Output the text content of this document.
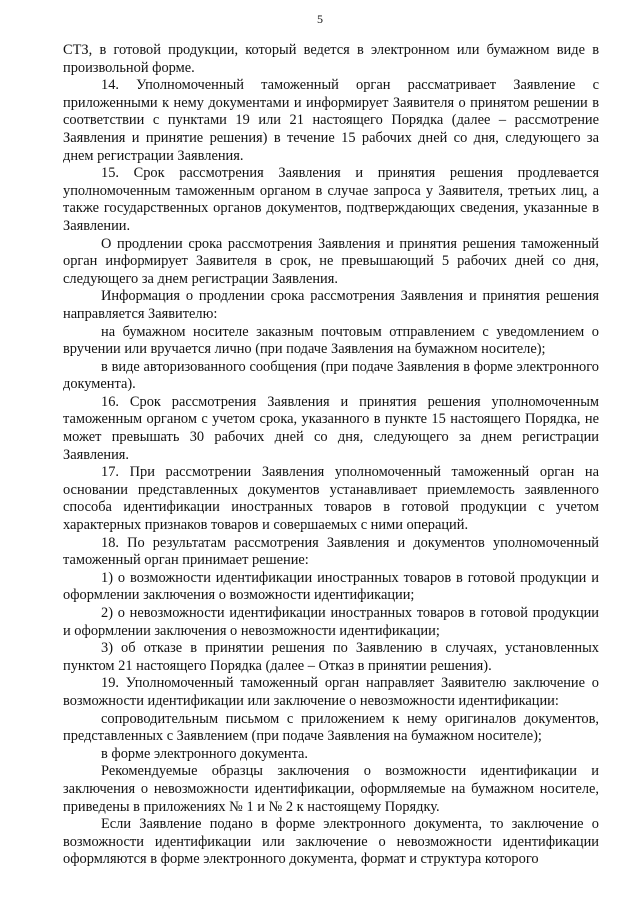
5

СТЗ, в готовой продукции, который ведется в электронном или бумажном виде в произвольной форме.

14. Уполномоченный таможенный орган рассматривает Заявление с приложенными к нему документами и информирует Заявителя о принятом решении в соответствии с пунктами 19 или 21 настоящего Порядка (далее – рассмотрение Заявления и принятие решения) в течение 15 рабочих дней со дня, следующего за днем регистрации Заявления.

15. Срок рассмотрения Заявления и принятия решения продлевается уполномоченным таможенным органом в случае запроса у Заявителя, третьих лиц, а также государственных органов документов, подтверждающих сведения, указанные в Заявлении.

О продлении срока рассмотрения Заявления и принятия решения таможенный орган информирует Заявителя в срок, не превышающий 5 рабочих дней со дня, следующего за днем регистрации Заявления.

Информация о продлении срока рассмотрения Заявления и принятия решения направляется Заявителю:

на бумажном носителе заказным почтовым отправлением с уведомлением о вручении или вручается лично (при подаче Заявления на бумажном носителе);

в виде авторизованного сообщения (при подаче Заявления в форме электронного документа).

16. Срок рассмотрения Заявления и принятия решения уполномоченным таможенным органом с учетом срока, указанного в пункте 15 настоящего Порядка, не может превышать 30 рабочих дней со дня, следующего за днем регистрации Заявления.

17. При рассмотрении Заявления уполномоченный таможенный орган на основании представленных документов устанавливает приемлемость заявленного способа идентификации иностранных товаров в готовой продукции с учетом характерных признаков товаров и совершаемых с ними операций.

18. По результатам рассмотрения Заявления и документов уполномоченный таможенный орган принимает решение:

1) о возможности идентификации иностранных товаров в готовой продукции и оформлении заключения о возможности идентификации;

2) о невозможности идентификации иностранных товаров в готовой продукции и оформлении заключения о невозможности идентификации;

3) об отказе в принятии решения по Заявлению в случаях, установленных пунктом 21 настоящего Порядка (далее – Отказ в принятии решения).

19. Уполномоченный таможенный орган направляет Заявителю заключение о возможности идентификации или заключение о невозможности идентификации:

сопроводительным письмом с приложением к нему оригиналов документов, представленных с Заявлением (при подаче Заявления на бумажном носителе);

в форме электронного документа.

Рекомендуемые образцы заключения о возможности идентификации и заключения о невозможности идентификации, оформляемые на бумажном носителе, приведены в приложениях № 1 и № 2 к настоящему Порядку.

Если Заявление подано в форме электронного документа, то заключение о возможности идентификации или заключение о невозможности идентификации оформляются в форме электронного документа, формат и структура которого
